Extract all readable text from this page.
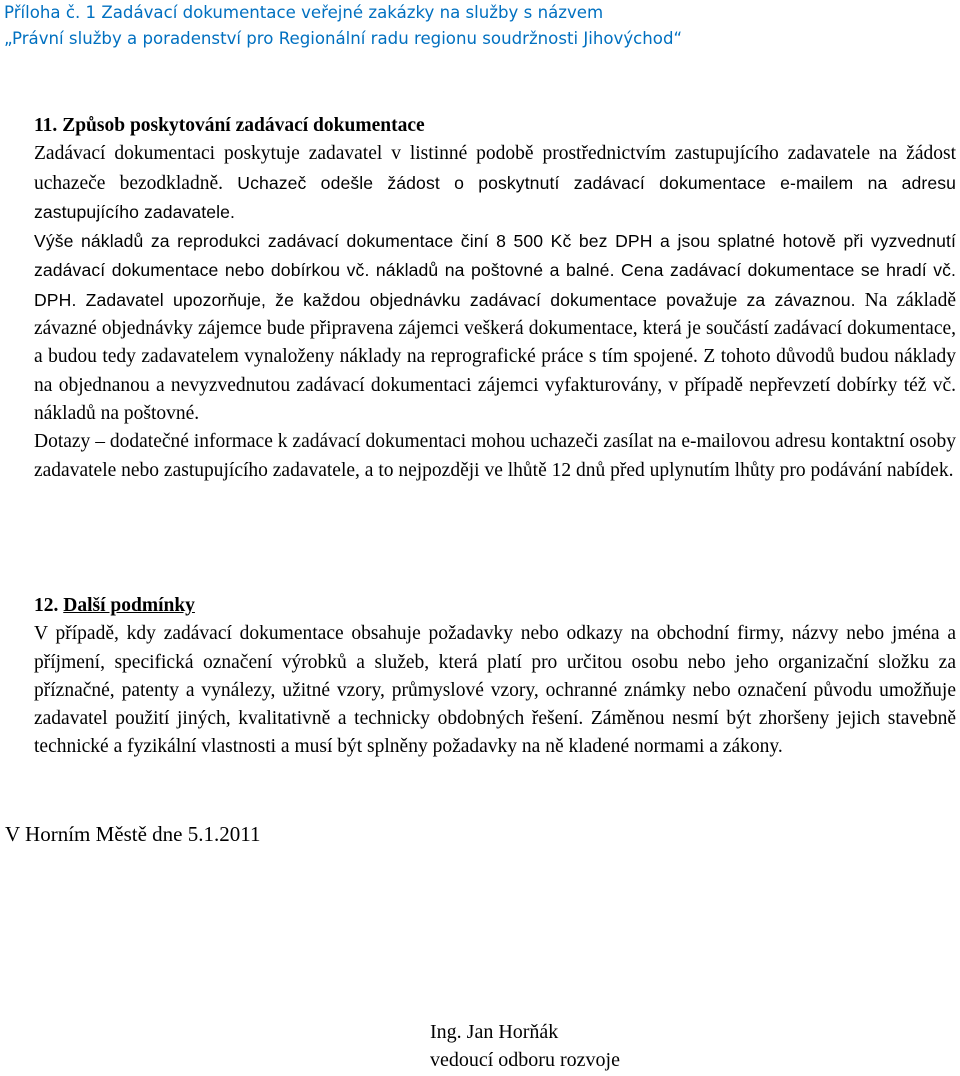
Příloha č. 1 Zadávací dokumentace veřejné zakázky na služby s názvem
„Právní služby a poradenství pro Regionální radu regionu soudržnosti Jihovýchod“
11. Způsob poskytování zadávací dokumentace

Zadávací dokumentaci poskytuje zadavatel v listinné podobě prostřednictvím zastupujícího zadavatele na žádost uchazeče bezodkladně. Uchazeč odešle žádost o poskytnutí zadávací dokumentace e-mailem na adresu zastupujícího zadavatele.
Výše nákladů za reprodukci zadávací dokumentace činí 8 500 Kč bez DPH a jsou splatné hotově při vyzvednutí zadávací dokumentace nebo dobírkou vč. nákladů na poštovné a balné. Cena zadávací dokumentace se hradí vč. DPH. Zadavatel upozorňuje, že každou objednávku zadávací dokumentace považuje za závaznou. Na základě závazné objednávky zájemce bude připravena zájemci veškerá dokumentace, která je součástí zadávací dokumentace, a budou tedy zadavatelem vynaloženy náklady na reprografické práce s tím spojené. Z tohoto důvodů budou náklady na objednanou a nevyzvednutou zadávací dokumentaci zájemci vyfakturovány, v případě nepřevzetí dobírky též vč. nákladů na poštovné.

Dotazy – dodatečné informace k zadávací dokumentaci mohou uchazeči zasílat na e-mailovou adresu kontaktní osoby zadavatele nebo zastupujícího zadavatele, a to nejpozději ve lhůtě 12 dnů před uplynutím lhůty pro podávání nabídek.

12. Další podmínky

V případě, kdy zadávací dokumentace obsahuje požadavky nebo odkazy na obchodní firmy, názvy nebo jména a příjmení, specifická označení výrobků a služeb, která platí pro určitou osobu nebo jeho organizační složku za příznačné, patenty a vynálezy, užitné vzory, průmyslové vzory, ochranné známky nebo označení původu umožňuje zadavatel použití jiných, kvalitativně a technicky obdobných řešení. Záměnou nesmí být zhoršeny jejich stavebně technické a fyzikální vlastnosti a musí být splněny požadavky na ně kladené normami a zákony.

V Horním Městě dne 5.1.2011
Ing. Jan Horňák
vedoucí odboru rozvoje
